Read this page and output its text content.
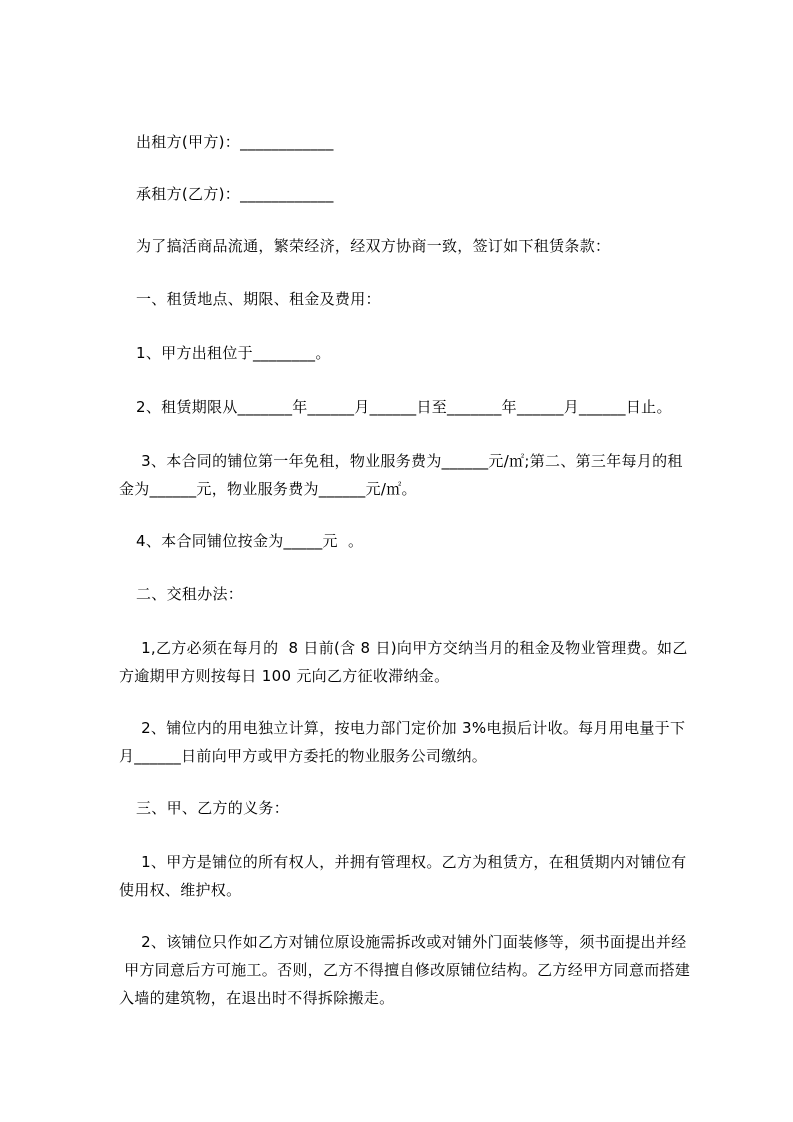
出租方(甲方)：____________
承租方(乙方)：____________
为了搞活商品流通，繁荣经济，经双方协商一致，签订如下租赁条款：
一、租赁地点、期限、租金及费用：
1、甲方出租位于________。
2、租赁期限从_______年______月______日至_______年______月______日止。
3、本合同的铺位第一年免租，物业服务费为______元/㎡;第二、第三年每月的租
金为______元，物业服务费为______元/㎡。
4、本合同铺位按金为_____元  。
二、交租办法：
1,乙方必须在每月的  8 日前(含 8 日)向甲方交纳当月的租金及物业管理费。如乙
方逾期甲方则按每日 100 元向乙方征收滞纳金。
2、铺位内的用电独立计算，按电力部门定价加 3%电损后计收。每月用电量于下
月______日前向甲方或甲方委托的物业服务公司缴纳。
三、甲、乙方的义务：
1、甲方是铺位的所有权人，并拥有管理权。乙方为租赁方，在租赁期内对铺位有
使用权、维护权。
2、该铺位只作如乙方对铺位原设施需拆改或对铺外门面装修等，须书面提出并经
甲方同意后方可施工。否则，乙方不得擅自修改原铺位结构。乙方经甲方同意而搭建
入墙的建筑物，在退出时不得拆除搬走。
